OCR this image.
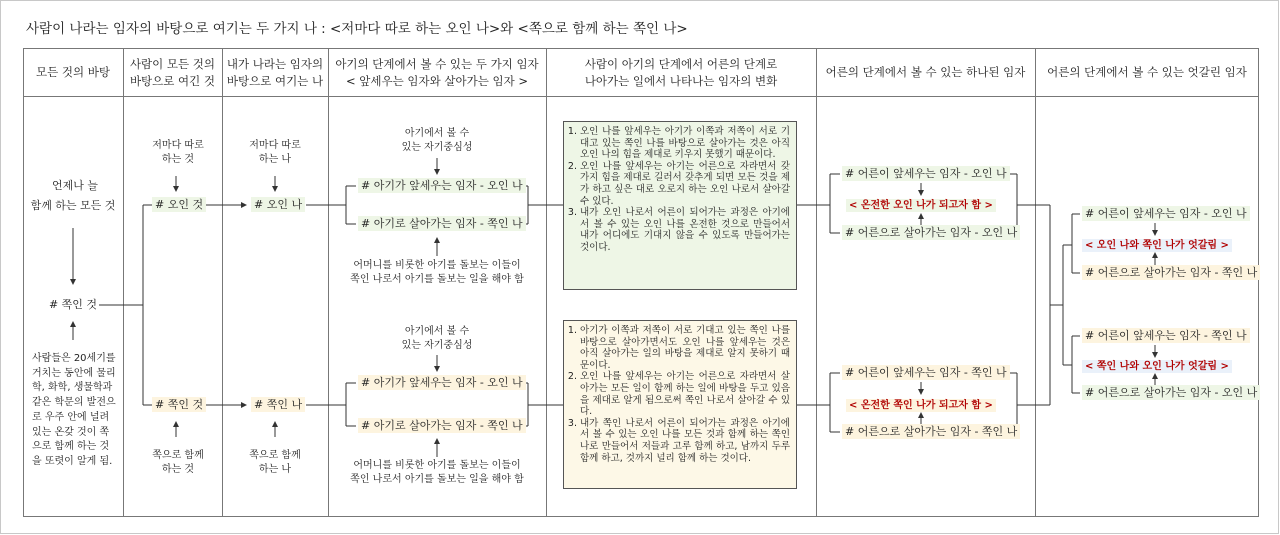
사람이 나라는 임자의 바탕으로 여기는 두 가지 나 : <저마다 따로 하는 오인 나>와 <쪽으로 함께 하는 쪽인 나>
모든 것의 바탕
사람이 모든 것의
바탕으로 여긴 것
내가 나라는 임자의
바탕으로 여기는 나
아기의 단계에서 볼 수 있는 두 가지 임자
< 앞세우는 임자와 살아가는 임자 >
사람이 아기의 단계에서 어른의 단계로
나아가는 일에서 나타나는 임자의 변화
어른의 단계에서 볼 수 있는 하나된 임자 어른의 단계에서 볼 수 있는 엇갈린 임자
언제나 늘
함께 하는 모든 것
# 쪽인 것
사람들은 20세기를
거치는 동안에 물리
학, 화학, 생물학과
같은 학문의 발전으
로 우주 안에 널려
있는 온갖 것이 쪽
으로 함께 하는 것
을 또렷이 알게 됨.
저마다 따로
하는 것
# 오인 것
# 쪽인 것
쪽으로 함께
하는 것
저마다 따로
하는 나
# 오인 나
# 쪽인 나
쪽으로 함께
하는 나
아기에서 볼 수
있는 자기중심성
# 아기가 앞세우는 임자 - 오인 나
# 아기로 살아가는 임자 - 쪽인 나
어머니를 비롯한 아기를 돌보는 이들이
쪽인 나로서 아기를 돌보는 일을 해야 함
아기에서 볼 수
있는 자기중심성
# 아기가 앞세우는 임자 - 오인 나
# 아기로 살아가는 임자 - 쪽인 나
어머니를 비롯한 아기를 돌보는 이들이
쪽인 나로서 아기를 돌보는 일을 해야 함
1. 오인 나를 앞세우는 아기가 이쪽과 저쪽이 서로 기대고 있는 쪽인 나를 바탕으로 살아가는 것은 아직 오인 나의 힘을 제대로 키우지 못했기 때문이다.
2. 오인 나를 앞세우는 아기는 어른으로 자라면서 갖가지 힘을 제대로 길러서 갖추게 되면 모든 것을 제가 하고 싶은 대로 오로지 하는 오인 나로서 살아갈 수 있다.
3. 내가 오인 나로서 어른이 되어가는 과정은 아기에서 볼 수 있는 오인 나를 온전한 것으로 만들어서 내가 어디에도 기대지 않을 수 있도록 만들어가는 것이다.
1. 아기가 이쪽과 저쪽이 서로 기대고 있는 쪽인 나를 바탕으로 살아가면서도 오인 나를 앞세우는 것은 아직 살아가는 일의 바탕을 제대로 알지 못하기 때문이다.
2. 오인 나를 앞세우는 아기는 어른으로 자라면서 살아가는 모든 일이 함께 하는 일에 바탕을 두고 있음을 제대로 알게 됨으로써 쪽인 나로서 살아갈 수 있다.
3. 내가 쪽인 나로서 어른이 되어가는 과정은 아기에서 볼 수 있는 오인 나를 모든 것과 함께 하는 쪽인 나로 만들어서 저들과 고루 함께 하고, 남까지 두루 함께 하고, 것까지 널리 함께 하는 것이다.
# 어른이 앞세우는 임자 - 오인 나
< 온전한 오인 나가 되고자 함 >
# 어른으로 살아가는 임자 - 오인 나
# 어른이 앞세우는 임자 - 쪽인 나
< 온전한 쪽인 나가 되고자 함 >
# 어른으로 살아가는 임자 - 쪽인 나
# 어른이 앞세우는 임자 - 오인 나
< 오인 나와 쪽인 나가 엇갈림 >
# 어른으로 살아가는 임자 - 쪽인 나
# 어른이 앞세우는 임자 - 쪽인 나
< 쪽인 나와 오인 나가 엇갈림 >
# 어른으로 살아가는 임자 - 오인 나
